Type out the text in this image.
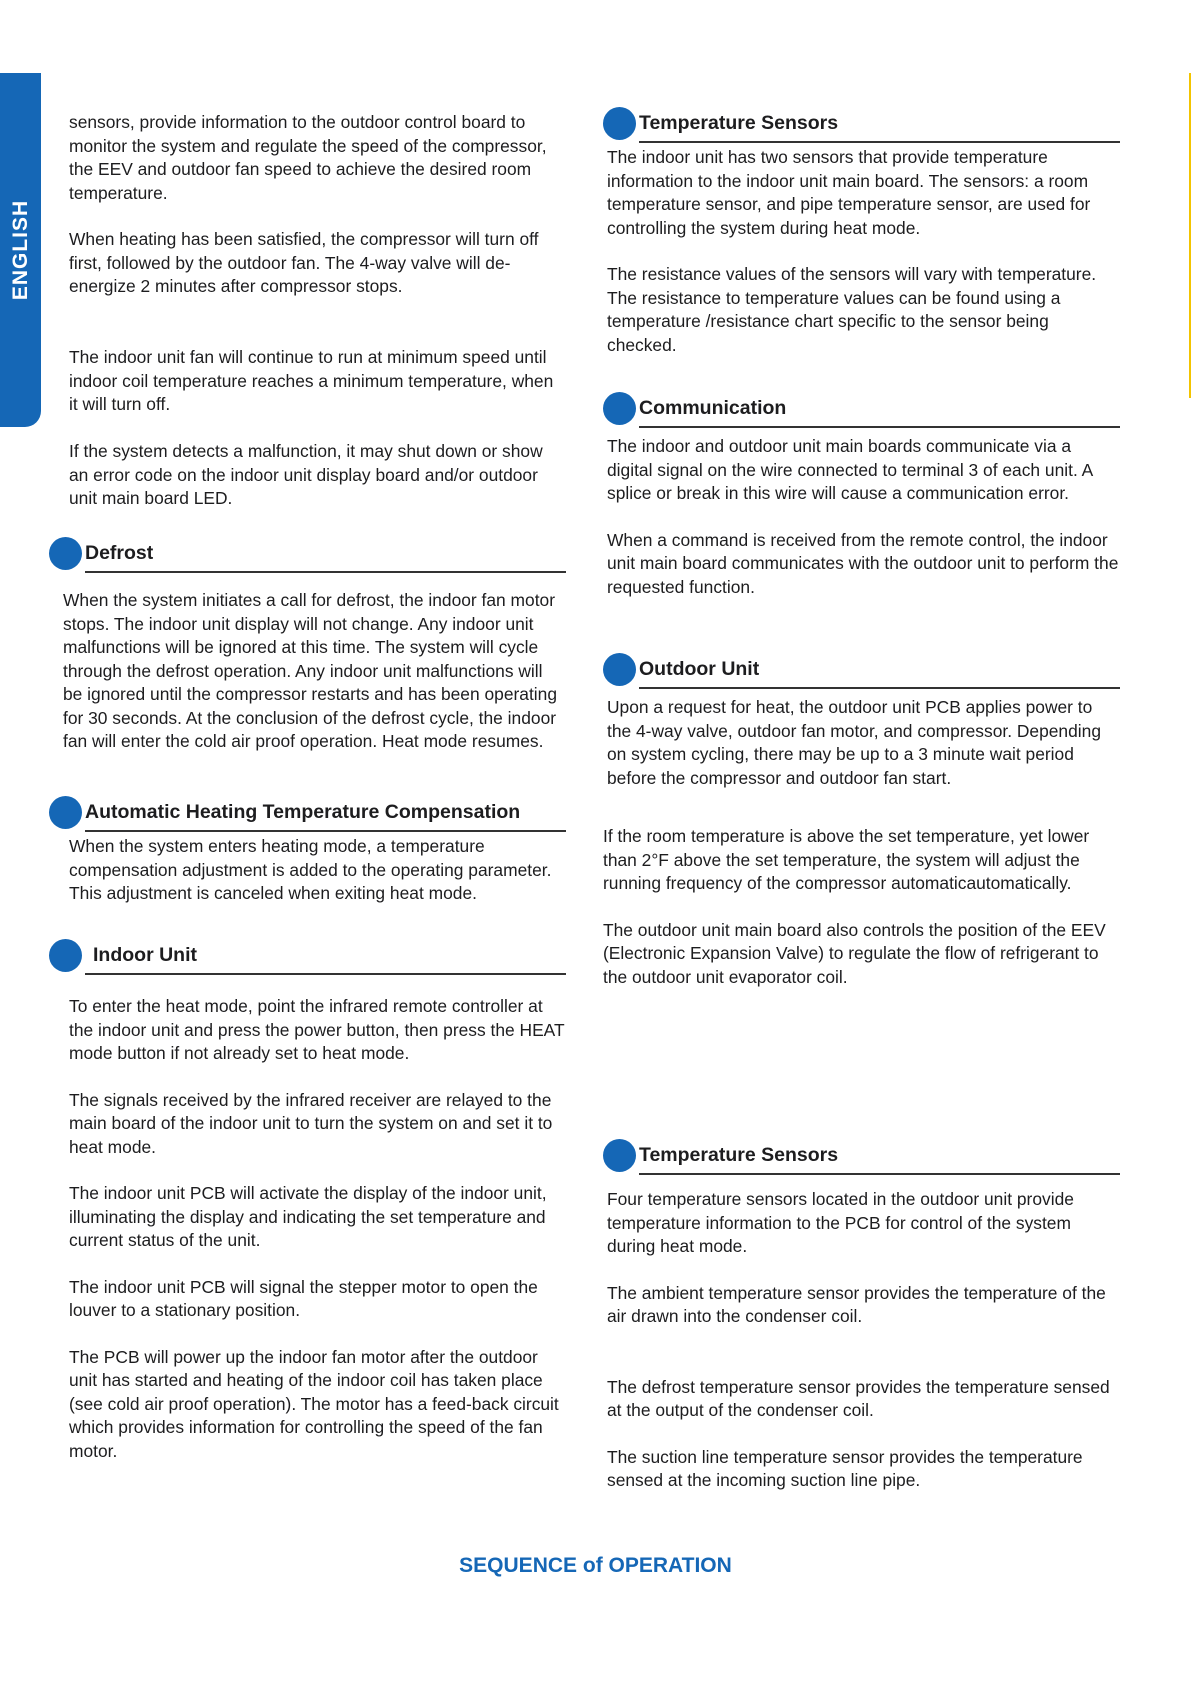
ENGLISH

sensors, provide information to the outdoor control board to monitor the system and regulate the speed of the compressor, the EEV and outdoor fan speed to achieve the desired room temperature.

When heating has been satisfied, the compressor will turn off first, followed by the outdoor fan. The 4-way valve will de-energize 2 minutes after compressor stops.

The indoor unit fan will continue to run at minimum speed until indoor coil temperature reaches a minimum temperature, when it will turn off.

If the system detects a malfunction, it may shut down or show an error code on the indoor unit display board and/or outdoor unit main board LED.

Defrost

When the system initiates a call for defrost, the indoor fan motor stops. The indoor unit display will not change. Any indoor unit malfunctions will be ignored at this time. The system will cycle through the defrost operation. Any indoor unit malfunctions will be ignored until the compressor restarts and has been operating for 30 seconds. At the conclusion of the defrost cycle, the indoor fan will enter the cold air proof operation. Heat mode resumes.

Automatic Heating Temperature Compensation

When the system enters heating mode, a temperature compensation adjustment is added to the operating parameter. This adjustment is canceled when exiting heat mode.

Indoor Unit

To enter the heat mode, point the infrared remote controller at the indoor unit and press the power button, then press the HEAT mode button if not already set to heat mode.

The signals received by the infrared receiver are relayed to the main board of the indoor unit to turn the system on and set it to heat mode.

The indoor unit PCB will activate the display of the indoor unit, illuminating the display and indicating the set temperature and current status of the unit.

The indoor unit PCB will signal the stepper motor to open the louver to a stationary position.

The PCB will power up the indoor fan motor after the outdoor unit has started and heating of the indoor coil has taken place (see cold air proof operation). The motor has a feed-back circuit which provides information for controlling the speed of the fan motor.

Temperature Sensors

The indoor unit has two sensors that provide temperature information to the indoor unit main board. The sensors: a room temperature sensor, and pipe temperature sensor, are used for controlling the system during heat mode.

The resistance values of the sensors will vary with temperature. The resistance to temperature values can be found using a temperature /resistance chart specific to the sensor being checked.

Communication

The indoor and outdoor unit main boards communicate via a digital signal on the wire connected to terminal 3 of each unit. A splice or break in this wire will cause a communication error.

When a command is received from the remote control, the indoor unit main board communicates with the outdoor unit to perform the requested function.

Outdoor Unit

Upon a request for heat, the outdoor unit PCB applies power to the 4-way valve, outdoor fan motor, and compressor. Depending on system cycling, there may be up to a 3 minute wait period before the compressor and outdoor fan start.

If the room temperature is above the set temperature, yet lower than 2°F above the set temperature, the system will adjust the running frequency of the compressor automaticautomatically.

The outdoor unit main board also controls the position of the EEV (Electronic Expansion Valve) to regulate the flow of refrigerant to the outdoor unit evaporator coil.

Temperature Sensors

Four temperature sensors located in the outdoor unit provide temperature information to the PCB for control of the system during heat mode.

The ambient temperature sensor provides the temperature of the air drawn into the condenser coil.

The defrost temperature sensor provides the temperature sensed at the output of the condenser coil.

The suction line temperature sensor provides the temperature sensed at the incoming suction line pipe.

SEQUENCE of OPERATION
